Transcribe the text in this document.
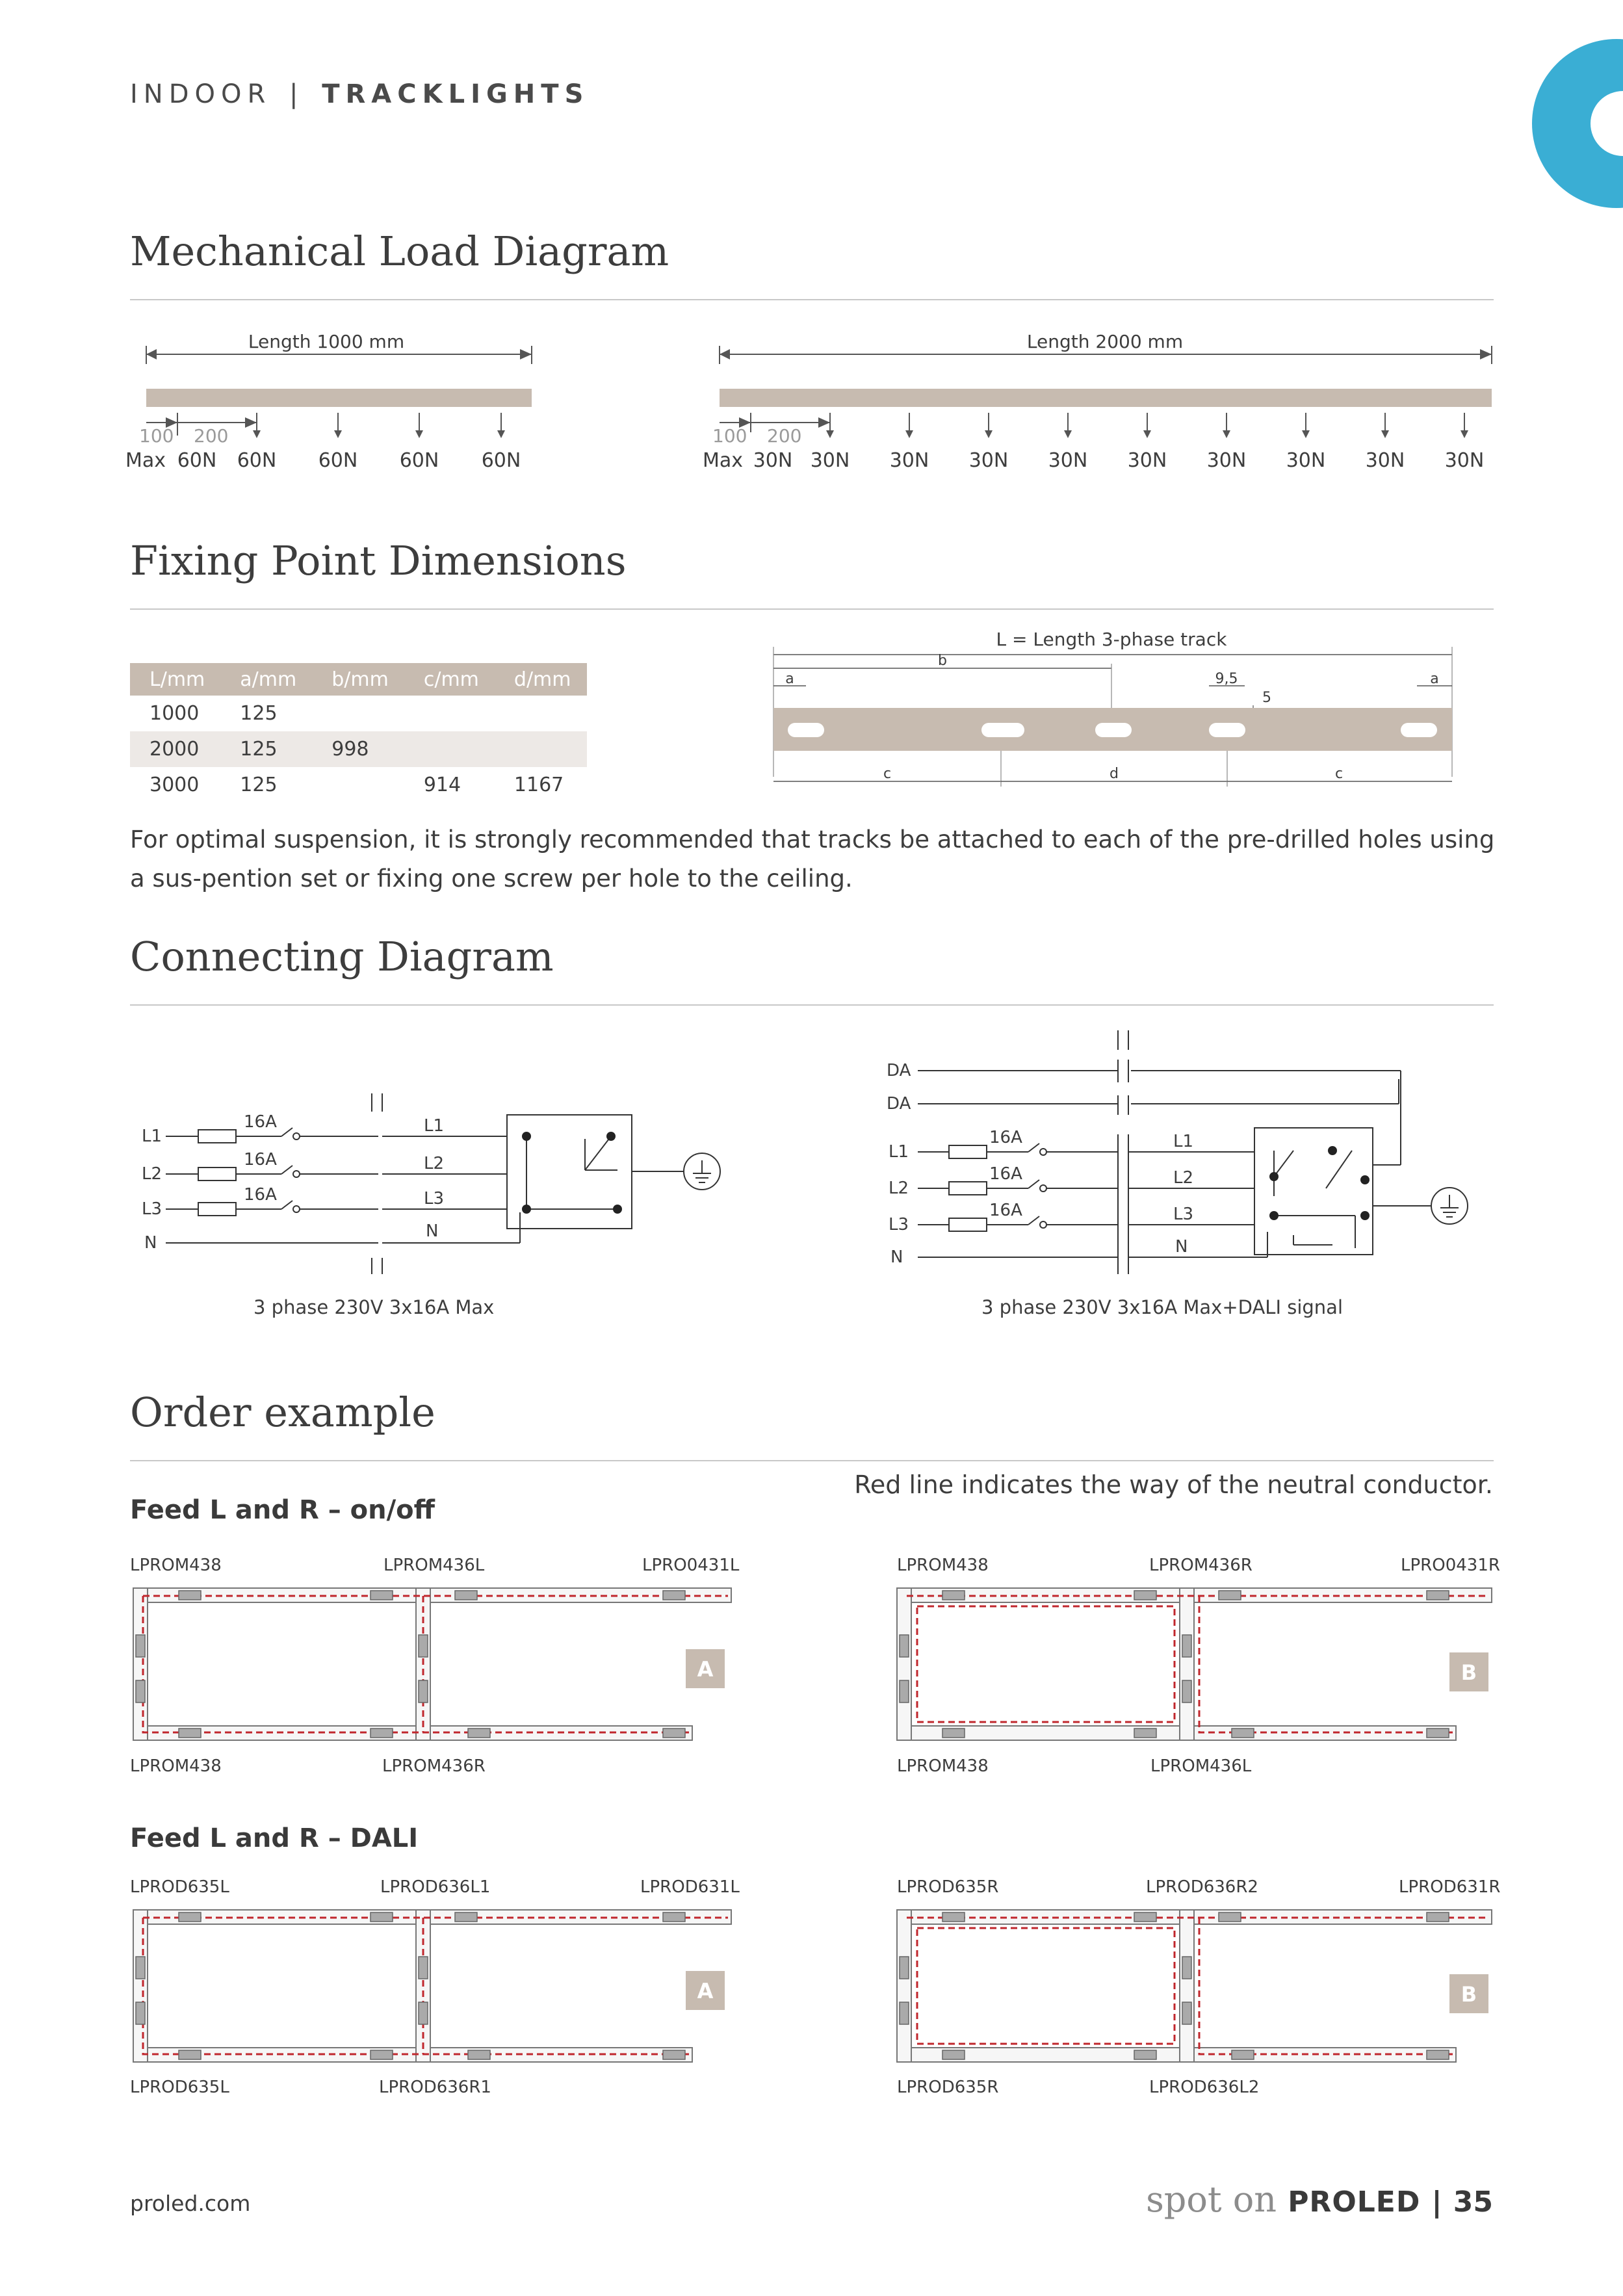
INDOOR | TRACKLIGHTS
Mechanical Load Diagram
Length 1000 mm
100 200
Max 60N 60N 60N 60N 60N
Length 2000 mm
100 200
Max 30N 30N 30N 30N 30N 30N 30N 30N 30N 30N
Fixing Point Dimensions
L/mm	a/mm	b/mm	c/mm	d/mm
1000	125			
2000	125	998		
3000	125		914	1167
L = Length 3-phase track
b
a	a
9,5
5
c	d	c
For optimal suspension, it is strongly recommended that tracks be attached to each of the pre-drilled holes using a sus-pention set or fixing one screw per hole to the ceiling.
Connecting Diagram
L1
L2
L3
N
16A
16A
16A
L1
L2
L3
N
3 phase 230V 3x16A Max
DA
DA
L1
L2
L3
N
16A
16A
16A
L1
L2
L3
N
3 phase 230V 3x16A Max+DALI signal
Order example
Red line indicates the way of the neutral conductor.
Feed L and R – on/off
Feed L and R – DALI
LPROM438	LPROM436L	LPRO0431L
A
LPROM438	LPROM436R
LPROM438	LPROM436R	LPRO0431R
B
LPROM438	LPROM436L
LPROD635L	LPROD636L1	LPROD631L
A
LPROD635L	LPROD636R1
LPROD635R	LPROD636R2	LPROD631R
B
LPROD635R	LPROD636L2
proled.com	spot on PROLED | 35
